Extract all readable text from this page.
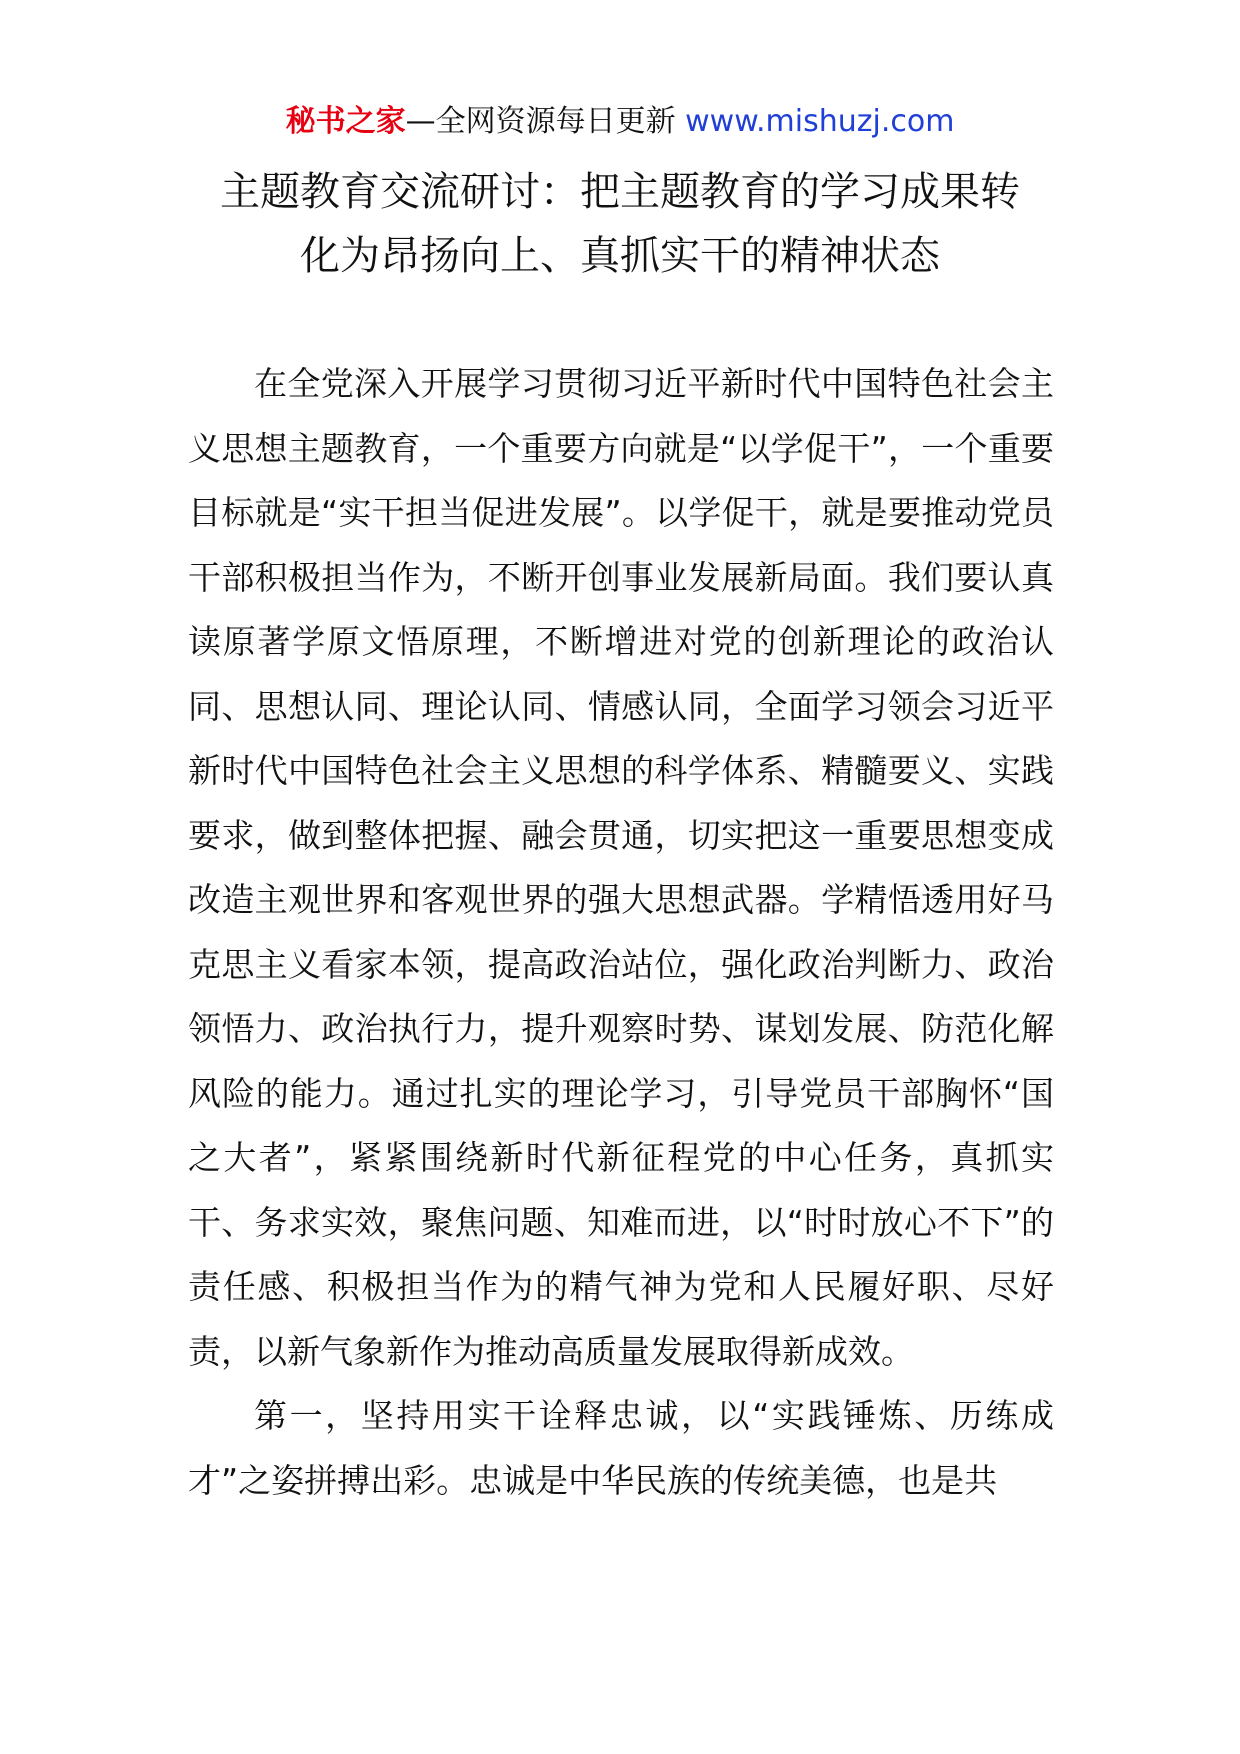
秘书之家—全网资源每日更新 www.mishuzj.com
主题教育交流研讨：把主题教育的学习成果转
化为昂扬向上、真抓实干的精神状态

在全党深入开展学习贯彻习近平新时代中国特色社会主义思想主题教育，一个重要方向就是“以学促干”，一个重要目标就是“实干担当促进发展”。以学促干，就是要推动党员干部积极担当作为，不断开创事业发展新局面。我们要认真读原著学原文悟原理，不断增进对党的创新理论的政治认同、思想认同、理论认同、情感认同，全面学习领会习近平新时代中国特色社会主义思想的科学体系、精髓要义、实践要求，做到整体把握、融会贯通，切实把这一重要思想变成改造主观世界和客观世界的强大思想武器。学精悟透用好马克思主义看家本领，提高政治站位，强化政治判断力、政治领悟力、政治执行力，提升观察时势、谋划发展、防范化解风险的能力。通过扎实的理论学习，引导党员干部胸怀“国之大者”，紧紧围绕新时代新征程党的中心任务，真抓实干、务求实效，聚焦问题、知难而进，以“时时放心不下”的责任感、积极担当作为的精气神为党和人民履好职、尽好责，以新气象新作为推动高质量发展取得新成效。

第一，坚持用实干诠释忠诚，以“实践锤炼、历练成才”之姿拼搏出彩。忠诚是中华民族的传统美德，也是共
